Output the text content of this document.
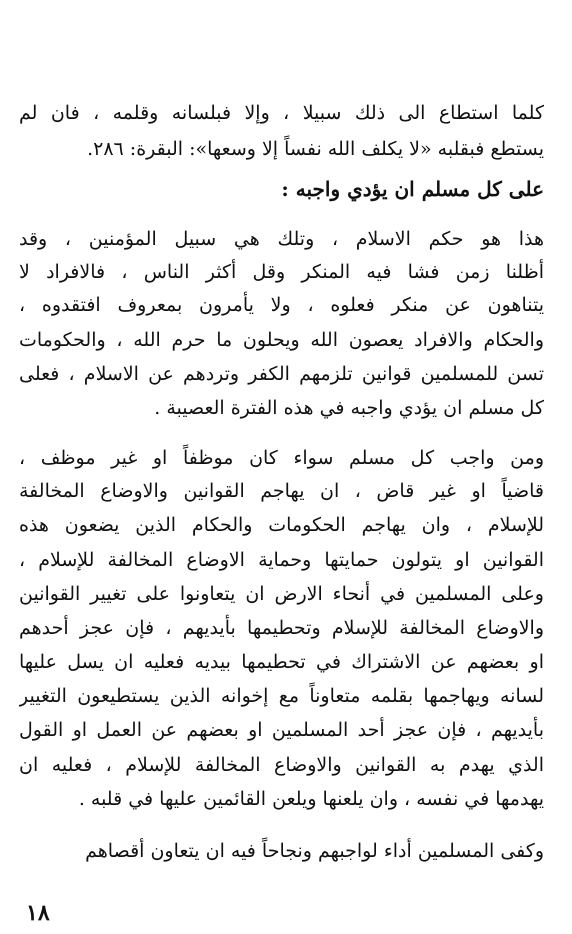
كلما استطاع الى ذلك سبيلا ، وإلا فبلسانه وقلمه ، فان لم
يستطع فبقلبه «لا يكلف الله نفساً إلا وسعها»: البقرة: ٢٨٦.
على كل مسلم ان يؤدي واجبه :
هذا هو حكم الاسلام ، وتلك هي سبيل المؤمنين ، وقد
أظلنا زمن فشا فيه المنكر وقل أكثر الناس ، فالافراد لا
يتناهون عن منكر فعلوه ، ولا يأمرون بمعروف افتقدوه ،
والحكام والافراد يعصون الله ويحلون ما حرم الله ، والحكومات
تسن للمسلمين قوانين تلزمهم الكفر وتردهم عن الاسلام ، فعلى
كل مسلم ان يؤدي واجبه في هذه الفترة العصيبة .
ومن واجب كل مسلم سواء كان موظفاً او غير موظف ،
قاضياً او غير قاض ، ان يهاجم القوانين والاوضاع المخالفة
للإسلام ، وان يهاجم الحكومات والحكام الذين يضعون هذه
القوانين او يتولون حمايتها وحماية الاوضاع المخالفة للإسلام ،
وعلى المسلمين في أنحاء الارض ان يتعاونوا على تغيير القوانين
والاوضاع المخالفة للإسلام وتحطيمها بأيديهم ، فإن عجز أحدهم
او بعضهم عن الاشتراك في تحطيمها بيديه فعليه ان يسل عليها
لسانه ويهاجمها بقلمه متعاوناً مع إخوانه الذين يستطيعون التغيير
بأيديهم ، فإن عجز أحد المسلمين او بعضهم عن العمل او القول
الذي يهدم به القوانين والاوضاع المخالفة للإسلام ، فعليه ان
يهدمها في نفسه ، وان يلعنها ويلعن القائمين عليها في قلبه .
وكفى المسلمين أداء لواجبهم ونجاحاً فيه ان يتعاون أقصاهم
١٨
